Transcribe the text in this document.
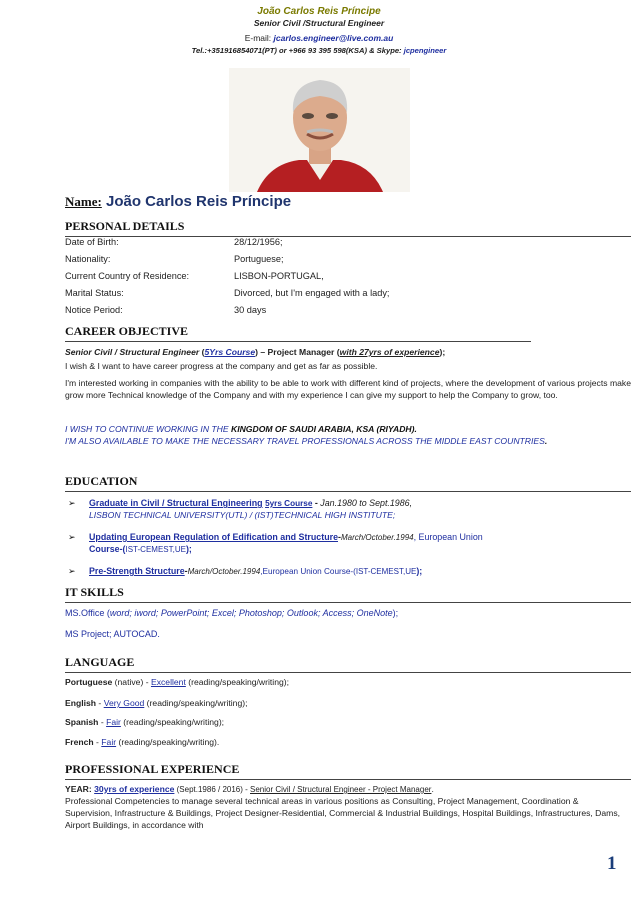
João Carlos Reis Príncipe
Senior Civil /Structural Engineer
E-mail: jcarlos.engineer@live.com.au
Tel.:+351916854071(PT) or +966 93 395 598(KSA) & Skype: jcpengineer
Name: João Carlos Reis Príncipe
PERSONAL DETAILS
Date of Birth:	28/12/1956;
Nationality:	Portuguese;
Current Country of Residence:	LISBON-PORTUGAL,
Marital Status:	Divorced, but I'm engaged with a lady;
Notice Period:	30 days
CAREER OBJECTIVE
Senior Civil / Structural Engineer (5Yrs Course) – Project Manager (with 27yrs of experience);
I wish & I want to have career progress at the company and get as far as possible.
I'm interested working in companies with the ability to be able to work with different kind of projects, where the development of various projects make grow more Technical knowledge of the Company and with my experience I can give my support to help the Company to grow, too.
I WISH TO CONTINUE WORKING IN THE KINGDOM OF SAUDI ARABIA, KSA (RIYADH).
I'M ALSO AVAILABLE TO MAKE THE NECESSARY TRAVEL PROFESSIONALS ACROSS THE MIDDLE EAST COUNTRIES.
EDUCATION
➢ Graduate in Civil / Structural Engineering 5yrs Course - Jan.1980 to Sept.1986,
LISBON TECHNICAL UNIVERSITY(UTL) / (IST)TECHNICAL HIGH INSTITUTE;
➢ Updating European Regulation of Edification and Structure-March/October.1994, European Union
Course-(IST-CEMEST,UE);
➢ Pre-Strength Structure-March/October.1994,European Union Course-(IST-CEMEST,UE);
IT SKILLS
MS.Office (word; iword; PowerPoint; Excel; Photoshop; Outlook; Access; OneNote);
MS Project; AUTOCAD.
LANGUAGE
Portuguese (native) - Excellent (reading/speaking/writing);
English - Very Good (reading/speaking/writing);
Spanish - Fair (reading/speaking/writing);
French - Fair (reading/speaking/writing).
PROFESSIONAL EXPERIENCE
YEAR: 30yrs of experience (Sept.1986 / 2016) - Senior Civil / Structural Engineer - Project Manager.
Professional Competencies to manage several technical areas in various positions as Consulting, Project Management, Coordination & Supervision, Infrastructure & Buildings, Project Designer-Residential, Commercial & Industrial Buildings, Hospital Buildings, Infrastructures, Dams, Airport Buildings, in accordance with
1
